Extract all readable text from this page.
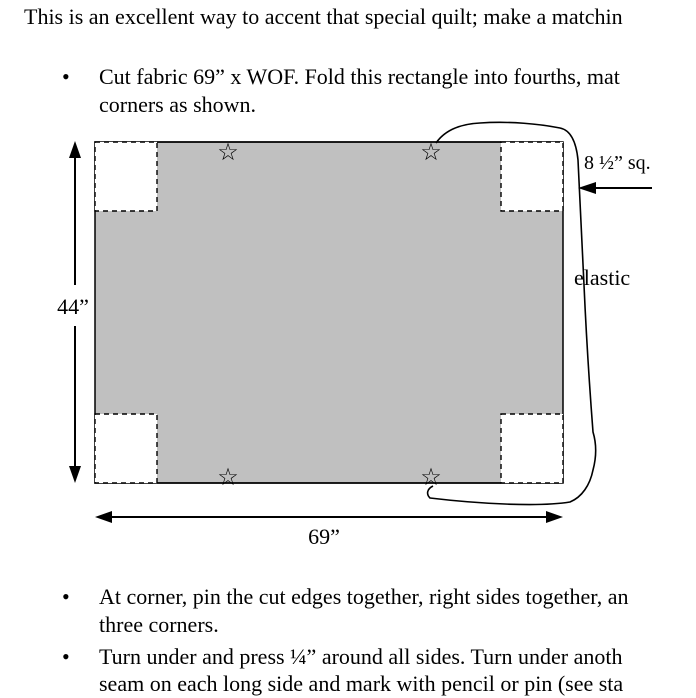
This is an excellent way to accent that special quilt; make a matchin
• Cut fabric 69” x WOF. Fold this rectangle into fourths, mat
corners as shown.
☆	☆
☆	☆
44”
69”
8 ½” sq.
elastic
• At corner, pin the cut edges together, right sides together, an
three corners.
• Turn under and press ¼” around all sides. Turn under anoth
seam on each long side and mark with pencil or pin (see sta
